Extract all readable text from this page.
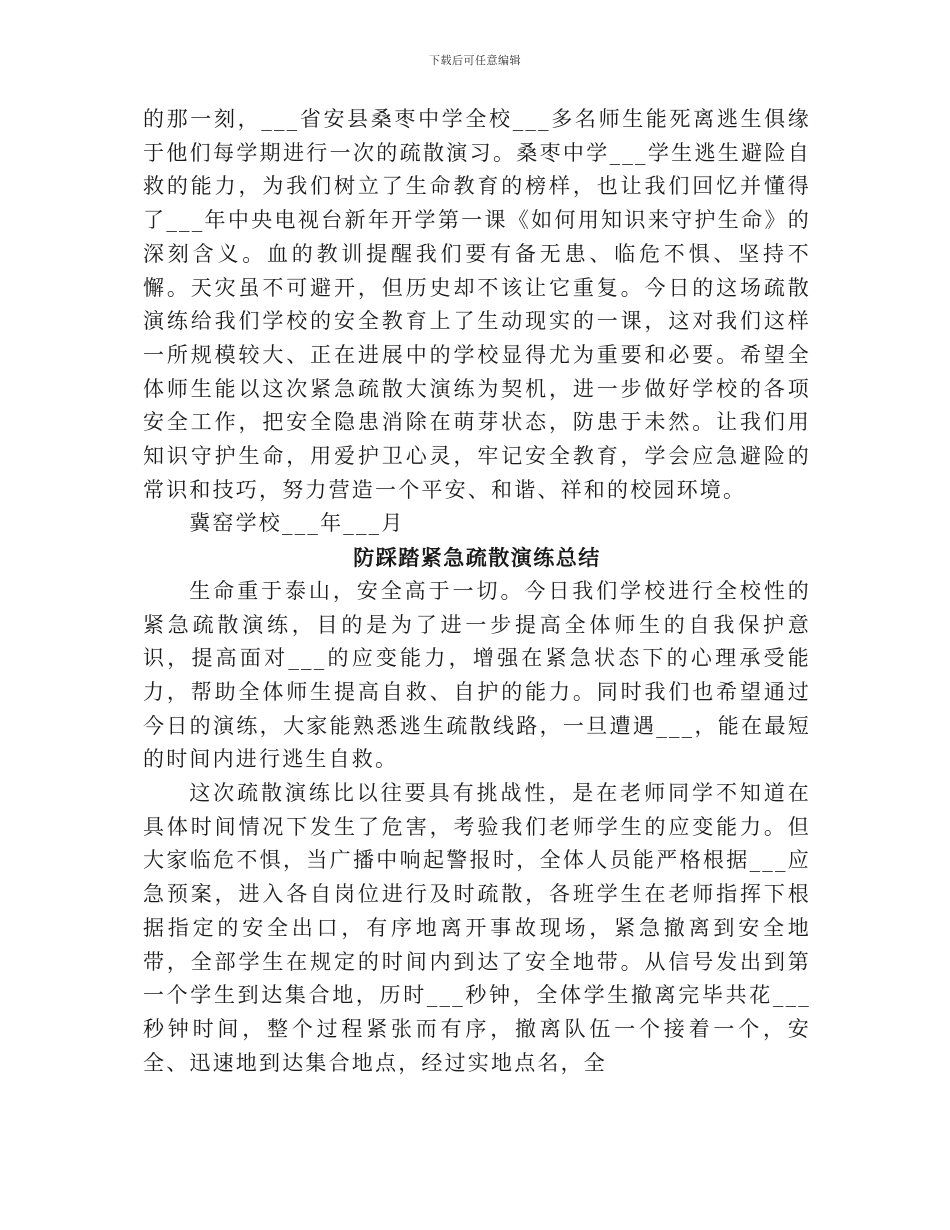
下载后可任意编辑

的那一刻，___省安县桑枣中学全校___多名师生能死离逃生俱缘于他们每学期进行一次的疏散演习。桑枣中学___学生逃生避险自救的能力，为我们树立了生命教育的榜样，也让我们回忆并懂得了___年中央电视台新年开学第一课《如何用知识来守护生命》的深刻含义。血的教训提醒我们要有备无患、临危不惧、坚持不懈。天灾虽不可避开，但历史却不该让它重复。今日的这场疏散演练给我们学校的安全教育上了生动现实的一课，这对我们这样一所规模较大、正在进展中的学校显得尤为重要和必要。希望全体师生能以这次紧急疏散大演练为契机，进一步做好学校的各项安全工作，把安全隐患消除在萌芽状态，防患于未然。让我们用知识守护生命，用爱护卫心灵，牢记安全教育，学会应急避险的常识和技巧，努力营造一个平安、和谐、祥和的校园环境。

冀窑学校___年___月

防踩踏紧急疏散演练总结

生命重于泰山，安全高于一切。今日我们学校进行全校性的紧急疏散演练，目的是为了进一步提高全体师生的自我保护意识，提高面对___的应变能力，增强在紧急状态下的心理承受能力，帮助全体师生提高自救、自护的能力。同时我们也希望通过今日的演练，大家能熟悉逃生疏散线路，一旦遭遇___，能在最短的时间内进行逃生自救。

这次疏散演练比以往要具有挑战性，是在老师同学不知道在具体时间情况下发生了危害，考验我们老师学生的应变能力。但大家临危不惧，当广播中响起警报时，全体人员能严格根据___应急预案，进入各自岗位进行及时疏散，各班学生在老师指挥下根据指定的安全出口，有序地离开事故现场，紧急撤离到安全地带，全部学生在规定的时间内到达了安全地带。从信号发出到第一个学生到达集合地，历时___秒钟，全体学生撤离完毕共花___秒钟时间，整个过程紧张而有序，撤离队伍一个接着一个，安全、迅速地到达集合地点，经过实地点名，全
